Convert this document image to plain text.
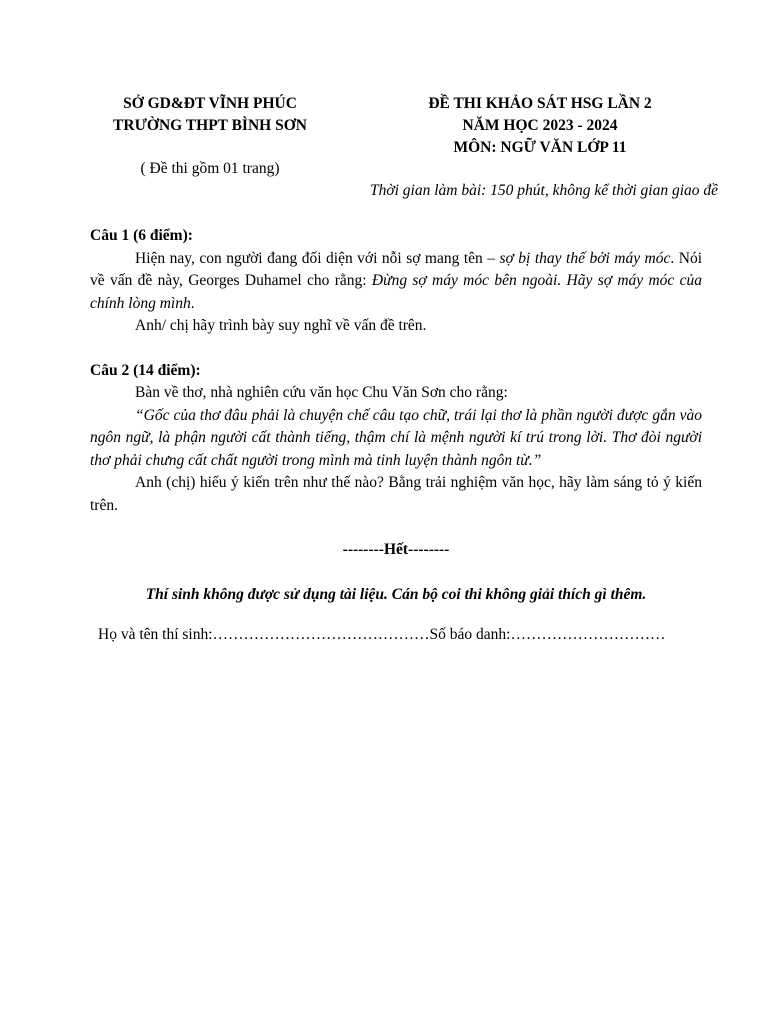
SỞ GD&ĐT VĨNH PHÚC
TRƯỜNG THPT BÌNH SƠN
ĐỀ THI KHẢO SÁT HSG LẦN 2
NĂM HỌC 2023 - 2024
MÔN: NGỮ VĂN LỚP 11
( Đề thi gồm 01 trang)
Thời gian làm bài: 150 phút, không kể thời gian giao đề

Câu 1 (6 điểm):

Hiện nay, con người đang đối diện với nỗi sợ mang tên – sợ bị thay thế bởi máy móc. Nói về vấn đề này, Georges Duhamel cho rằng: Đừng sợ máy móc bên ngoài. Hãy sợ máy móc của chính lòng mình.

Anh/ chị hãy trình bày suy nghĩ về vấn đề trên.

Câu 2 (14 điểm):

Bàn về thơ, nhà nghiên cứu văn học Chu Văn Sơn cho rằng:

“Gốc của thơ đâu phải là chuyện chế câu tạo chữ, trái lại thơ là phần người được gắn vào ngôn ngữ, là phận người cất thành tiếng, thậm chí là mệnh người kí trú trong lời. Thơ đòi người thơ phải chưng cất chất người trong mình mà tinh luyện thành ngôn từ.”

Anh (chị) hiểu ý kiến trên như thế nào? Bằng trải nghiệm văn học, hãy làm sáng tỏ ý kiến trên.

--------Hết--------

Thí sinh không được sử dụng tài liệu. Cán bộ coi thi không giải thích gì thêm.

Họ và tên thí sinh:……………………………………Số báo danh:…………………………
